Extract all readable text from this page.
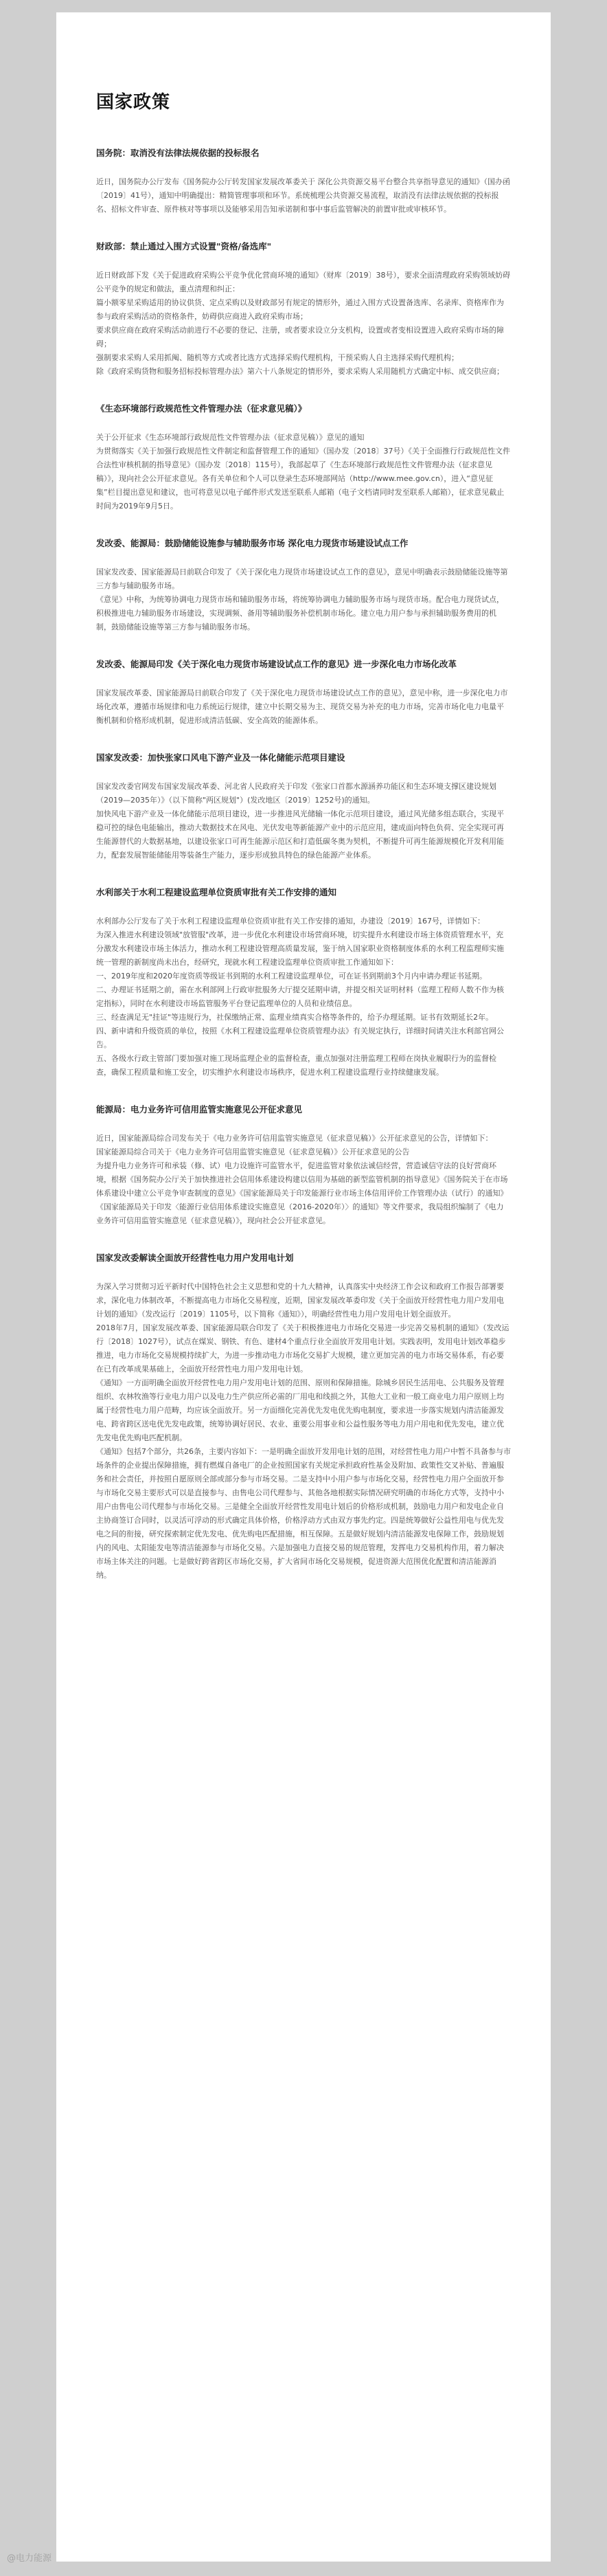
国家政策
国务院：取消没有法律法规依据的投标报名

近日，国务院办公厅发布《国务院办公厅转发国家发展改革委关于 深化公共资源交易平台整合共享指导意见的通知》（国办函〔2019〕41号），通知中明确提出：精简管理事项和环节。系统梳理公共资源交易流程，取消没有法律法规依据的投标报名、招标文件审查、原件核对等事项以及能够采用告知承诺制和事中事后监管解决的前置审批或审核环节。

财政部：禁止通过入围方式设置"资格/备选库"

近日财政部下发《关于促进政府采购公平竞争优化营商环境的通知》（财库〔2019〕38号），要求全面清理政府采购领域妨碍公平竞争的规定和做法，重点清理和纠正：

篇小额零星采购适用的协议供货、定点采购以及财政部另有规定的情形外，通过入围方式设置备选库、名录库、资格库作为参与政府采购活动的资格条件，妨碍供应商进入政府采购市场；

要求供应商在政府采购活动前进行不必要的登记、注册，或者要求设立分支机构，设置或者变相设置进入政府采购市场的障碍；

强制要求采购人采用抓阄、随机等方式或者比选方式选择采购代理机构，干预采购人自主选择采购代理机构；

除《政府采购货物和服务招标投标管理办法》第六十八条规定的情形外，要求采购人采用随机方式确定中标、成交供应商；

《生态环境部行政规范性文件管理办法（征求意见稿）》

关于公开征求《生态环境部行政规范性文件管理办法（征求意见稿）》意见的通知

为贯彻落实《关于加强行政规范性文件制定和监督管理工作的通知》（国办发〔2018〕37号）《关于全面推行行政规范性文件合法性审核机制的指导意见》（国办发〔2018〕115号），我部起草了《生态环境部行政规范性文件管理办法（征求意见稿）》，现向社会公开征求意见。各有关单位和个人可以登录生态环境部网站（http://www.mee.gov.cn），进入“意见征集”栏目提出意见和建议，也可将意见以电子邮件形式发送至联系人邮箱（电子文档请同时发至联系人邮箱），征求意见截止时间为2019年9月5日。

发改委、能源局：鼓励储能设施参与辅助服务市场 深化电力现货市场建设试点工作

国家发改委、国家能源局日前联合印发了《关于深化电力现货市场建设试点工作的意见》，意见中明确表示鼓励储能设施等第三方参与辅助服务市场。

《意见》中称，为统筹协调电力现货市场和辅助服务市场，将统筹协调电力辅助服务市场与现货市场。配合电力现货试点，积极推进电力辅助服务市场建设，实现调频、备用等辅助服务补偿机制市场化。建立电力用户参与承担辅助服务费用的机制，鼓励储能设施等第三方参与辅助服务市场。

发改委、能源局印发《关于深化电力现货市场建设试点工作的意见》进一步深化电力市场化改革

国家发展改革委、国家能源局日前联合印发了《关于深化电力现货市场建设试点工作的意见》，意见中称，进一步深化电力市场化改革，遵循市场规律和电力系统运行规律，建立中长期交易为主、现货交易为补充的电力市场，完善市场化电力电量平衡机制和价格形成机制，促进形成清洁低碳、安全高效的能源体系。

国家发改委：加快张家口风电下游产业及一体化储能示范项目建设

国家发改委官网发布国家发展改革委、河北省人民政府关于印发《张家口首都水源涵养功能区和生态环境支撑区建设规划（2019—2035年）》（以下简称"两区规划"）(发改地区〔2019〕1252号)的通知。

加快风电下游产业及一体化储能示范项目建设，进一步推进风光储输一体化示范项目建设，通过风光储多组态联合，实现平稳可控的绿色电能输出，推动大数据技术在风电、光伏发电等新能源产业中的示范应用，建成面向特色负荷、完全实现可再生能源替代的大数据基地，以建设张家口可再生能源示范区和打造低碳冬奥为契机，不断提升可再生能源规模化开发利用能力，配套发展智能储能用等装备生产能力，逐步形成独具特色的绿色能源产业体系。

水利部关于水利工程建设监理单位资质审批有关工作安排的通知

水利部办公厅发布了关于水利工程建设监理单位资质审批有关工作安排的通知，办建设〔2019〕167号，详情如下：

为深入推进水利建设领域"放管服"改革，进一步优化水利建设市场营商环境，切实提升水利建设市场主体资质管理水平，充分激发水利建设市场主体活力，推动水利工程建设管理高质量发展，鉴于纳入国家职业资格制度体系的水利工程监理师实施统一管理的新制度尚未出台，经研究，现就水利工程建设监理单位资质审批工作通知如下：

一、2019年度和2020年度资质等级证书到期的水利工程建设监理单位，可在证书到期前3个月内申请办理证书延期。

二、办理证书延期之前，需在水利部网上行政审批服务大厅提交延期申请，并提交相关证明材料（监理工程师人数不作为核定指标），同时在水利建设市场监管服务平台登记监理单位的人员和业绩信息。

三、经查满足无"挂证"等违规行为，社保缴纳正常、监理业绩真实合格等条件的，给予办理延期。证书有效期延长2年。

四、新申请和升级资质的单位，按照《水利工程建设监理单位资质管理办法》有关规定执行，详细时间请关注水利部官网公告。

五、各级水行政主管部门要加强对施工现场监理企业的监督检查，重点加强对注册监理工程师在岗执业履职行为的监督检查，确保工程质量和施工安全，切实维护水利建设市场秩序，促进水利工程建设监理行业持续健康发展。

能源局：电力业务许可信用监管实施意见公开征求意见

近日，国家能源局综合司发布关于《电力业务许可信用监管实施意见（征求意见稿）》公开征求意见的公告，详情如下：

国家能源局综合司关于《电力业务许可信用监管实施意见（征求意见稿）》公开征求意见的公告

为提升电力业务许可和承装（修、试）电力设施许可监管水平，促进监管对象依法诚信经营，营造诚信守法的良好营商环境，根据《国务院办公厅关于加快推进社会信用体系建设构建以信用为基础的新型监管机制的指导意见》《国务院关于在市场体系建设中建立公平竞争审查制度的意见》《国家能源局关于印发能源行业市场主体信用评价工作管理办法（试行）的通知》《国家能源局关于印发〈能源行业信用体系建设实施意见（2016-2020年）〉的通知》等文件要求，我局组织编制了《电力业务许可信用监管实施意见（征求意见稿）》，现向社会公开征求意见。

国家发改委解读全面放开经营性电力用户发用电计划

为深入学习贯彻习近平新时代中国特色社会主义思想和党的十九大精神，认真落实中央经济工作会议和政府工作报告部署要求，深化电力体制改革，不断提高电力市场化交易程度，近期，国家发展改革委印发《关于全面放开经营性电力用户发用电计划的通知》（发改运行〔2019〕1105号，以下简称《通知》），明确经营性电力用户发用电计划全面放开。

2018年7月，国家发展改革委、国家能源局联合印发了《关于积极推进电力市场化交易进一步完善交易机制的通知》（发改运行〔2018〕1027号），试点在煤炭、钢铁、有色、建材4个重点行业全面放开发用电计划。实践表明，发用电计划改革稳步推进，电力市场化交易规模持续扩大，为进一步推动电力市场化交易扩大规模，建立更加完善的电力市场交易体系，有必要在已有改革成果基础上，全面放开经营性电力用户发用电计划。

《通知》一方面明确全面放开经营性电力用户发用电计划的范围、原则和保障措施。除城乡居民生活用电、公共服务及管理组织、农林牧渔等行业电力用户以及电力生产供应所必需的厂用电和线损之外，其他大工业和一般工商业电力用户原则上均属于经营性电力用户范畴，均应该全面放开。另一方面细化完善优先发电优先购电制度，要求进一步落实规划内清洁能源发电、跨省跨区送电优先发电政策，统筹协调好居民、农业、重要公用事业和公益性服务等电力用户用电和优先发电，建立优先发电优先购电匹配机制。

《通知》包括7个部分，共26条，主要内容如下：一是明确全面放开发用电计划的范围，对经营性电力用户中暂不具备参与市场条件的企业提出保障措施，拥有燃煤自备电厂的企业按照国家有关规定承担政府性基金及附加、政策性交叉补贴、普遍服务和社会责任，并按照自愿原则全部或部分参与市场交易。二是支持中小用户参与市场化交易，经营性电力用户全面放开参与市场化交易主要形式可以是直接参与、由售电公司代理参与、其他各地根据实际情况研究明确的市场化方式等，支持中小用户由售电公司代理参与市场化交易。三是健全全面放开经营性发用电计划后的价格形成机制，鼓励电力用户和发电企业自主协商签订合同时，以灵活可浮动的形式确定具体价格，价格浮动方式由双方事先约定。四是统筹做好公益性用电与优先发电之间的衔接，研究探索制定优先发电、优先购电匹配措施，相互保障。五是做好规划内清洁能源发电保障工作，鼓励规划内的风电、太阳能发电等清洁能源参与市场化交易。六是加强电力直接交易的规范管理，发挥电力交易机构作用，着力解决市场主体关注的问题。七是做好跨省跨区市场化交易，扩大省间市场化交易规模，促进资源大范围优化配置和清洁能源消纳。

@电力能源
